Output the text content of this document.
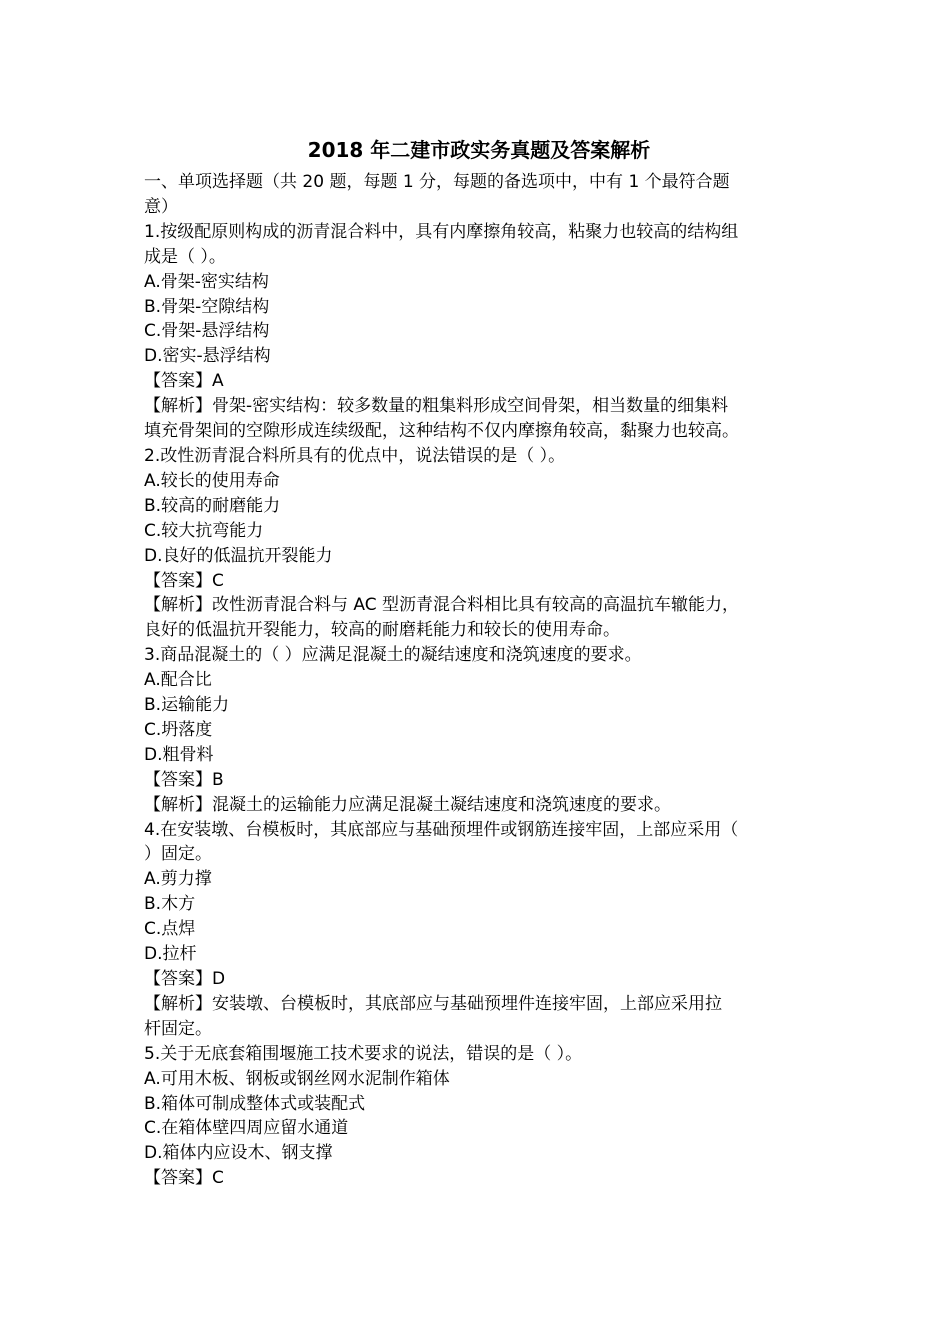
2018 年二建市政实务真题及答案解析
一、单项选择题（共 20 题，每题 1 分，每题的备选项中，中有 1 个最符合题
意）
1.按级配原则构成的沥青混合料中，具有内摩擦角较高，粘聚力也较高的结构组
成是（ ）。
A.骨架-密实结构
B.骨架-空隙结构
C.骨架-悬浮结构
D.密实-悬浮结构
【答案】A
【解析】骨架-密实结构：较多数量的粗集料形成空间骨架，相当数量的细集料
填充骨架间的空隙形成连续级配，这种结构不仅内摩擦角较高，黏聚力也较高。
2.改性沥青混合料所具有的优点中，说法错误的是（ ）。
A.较长的使用寿命
B.较高的耐磨能力
C.较大抗弯能力
D.良好的低温抗开裂能力
【答案】C
【解析】改性沥青混合料与 AC 型沥青混合料相比具有较高的高温抗车辙能力，
良好的低温抗开裂能力，较高的耐磨耗能力和较长的使用寿命。
3.商品混凝土的（ ）应满足混凝土的凝结速度和浇筑速度的要求。
A.配合比
B.运输能力
C.坍落度
D.粗骨料
【答案】B
【解析】混凝土的运输能力应满足混凝土凝结速度和浇筑速度的要求。
4.在安装墩、台模板时，其底部应与基础预埋件或钢筋连接牢固，上部应采用（
）固定。
A.剪力撑
B.木方
C.点焊
D.拉杆
【答案】D
【解析】安装墩、台模板时，其底部应与基础预埋件连接牢固，上部应采用拉
杆固定。
5.关于无底套箱围堰施工技术要求的说法，错误的是（ ）。
A.可用木板、钢板或钢丝网水泥制作箱体
B.箱体可制成整体式或装配式
C.在箱体壁四周应留水通道
D.箱体内应设木、钢支撑
【答案】C
